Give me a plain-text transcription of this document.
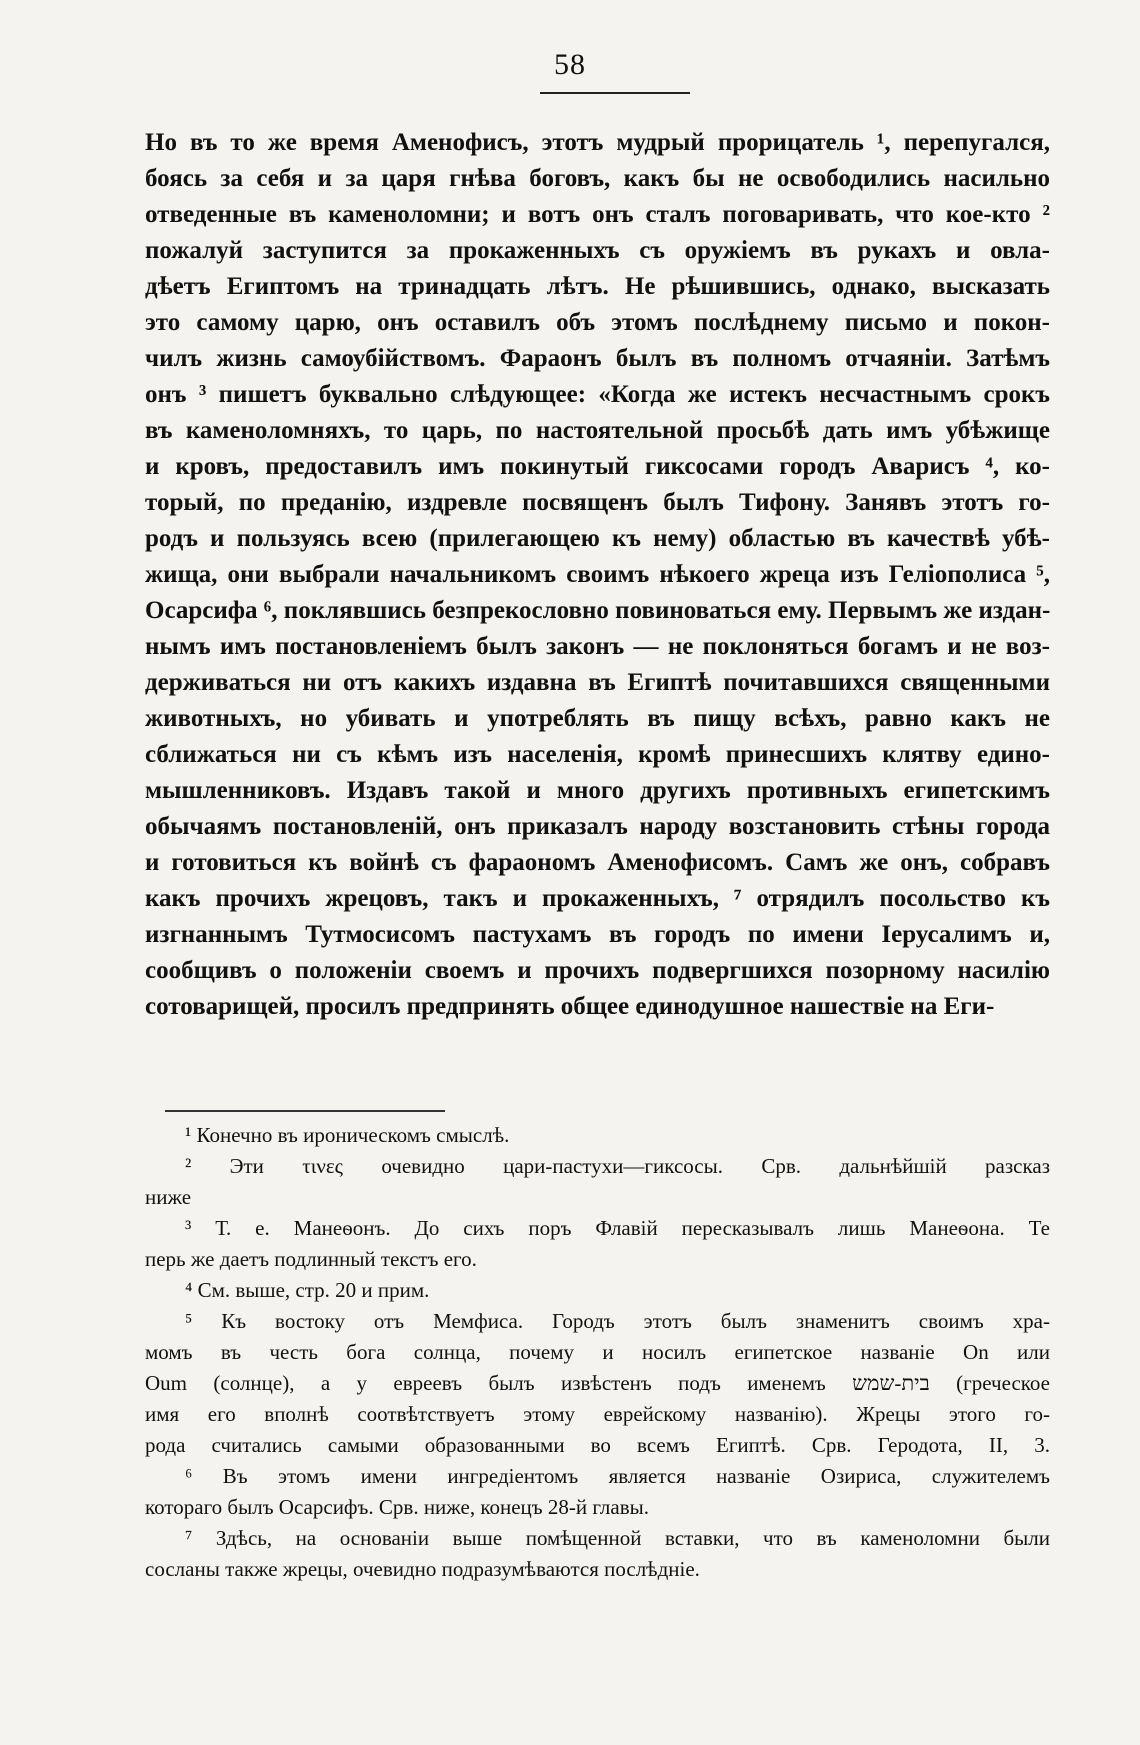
58
Но въ то же время Аменофисъ, этотъ мудрый прорицатель ¹, перепугался,
боясь за себя и за царя гнѣва боговъ, какъ бы не освободились насильно
отведенные въ каменоломни; и вотъ онъ сталъ поговаривать, что кое-кто ²
пожалуй заступится за прокаженныхъ съ оружіемъ въ рукахъ и овла-
дѣетъ Египтомъ на тринадцать лѣтъ. Не рѣшившись, однако, высказать
это самому царю, онъ оставилъ объ этомъ послѣднему письмо и покон-
чилъ жизнь самоубійствомъ. Фараонъ былъ въ полномъ отчаяніи. Затѣмъ
онъ ³ пишетъ буквально слѣдующее: «Когда же истекъ несчастнымъ срокъ
въ каменоломняхъ, то царь, по настоятельной просьбѣ дать имъ убѣжище
и кровъ, предоставилъ имъ покинутый гиксосами городъ Аварисъ ⁴, ко-
торый, по преданію, издревле посвященъ былъ Тифону. Занявъ этотъ го-
родъ и пользуясь всею (прилегающею къ нему) областью въ качествѣ убѣ-
жища, они выбрали начальникомъ своимъ нѣкоего жреца изъ Геліополиса ⁵,
Осарсифа ⁶, поклявшись безпрекословно повиноваться ему. Первымъ же издан-
нымъ имъ постановленіемъ былъ законъ — не поклоняться богамъ и не воз-
держиваться ни отъ какихъ издавна въ Египтѣ почитавшихся священными
животныхъ, но убивать и употреблять въ пищу всѣхъ, равно какъ не
сближаться ни съ кѣмъ изъ населенія, кромѣ принесшихъ клятву едино-
мышленниковъ. Издавъ такой и много другихъ противныхъ египетскимъ
обычаямъ постановленій, онъ приказалъ народу возстановить стѣны города
и готовиться къ войнѣ съ фараономъ Аменофисомъ. Самъ же онъ, собравъ
какъ прочихъ жрецовъ, такъ и прокаженныхъ, ⁷ отрядилъ посольство къ
изгнаннымъ Тутмосисомъ пастухамъ въ городъ по имени Іерусалимъ и,
сообщивъ о положеніи своемъ и прочихъ подвергшихся позорному насилію
сотоварищей, просилъ предпринять общее единодушное нашествіе на Еги-
¹ Конечно въ ироническомъ смыслѣ.
² Эти τινες очевидно цари-пастухи—гиксосы. Срв. дальнѣйшій разсказ
ниже
³ Т. е. Манеѳонъ. До сихъ поръ Флавій пересказывалъ лишь Манеѳона. Те
перь же даетъ подлинный текстъ его.
⁴ См. выше, стр. 20 и прим.
⁵ Къ востоку отъ Мемфиса. Городъ этотъ былъ знаменитъ своимъ хра-
момъ въ честь бога солнца, почему и носилъ египетское названіе On или
Oum (солнце), а у евреевъ былъ извѣстенъ подъ именемъ בית-שמש (греческое
имя его вполнѣ соотвѣтствуетъ этому еврейскому названію). Жрецы этого го-
рода считались самыми образованными во всемъ Египтѣ. Срв. Геродота, II, 3.
⁶ Въ этомъ имени ингредіентомъ является названіе Озириса, служителемъ
котораго былъ Осарсифъ. Срв. ниже, конецъ 28-й главы.
⁷ Здѣсь, на основаніи выше помѣщенной вставки, что въ каменоломни были
сосланы также жрецы, очевидно подразумѣваются послѣдніе.
